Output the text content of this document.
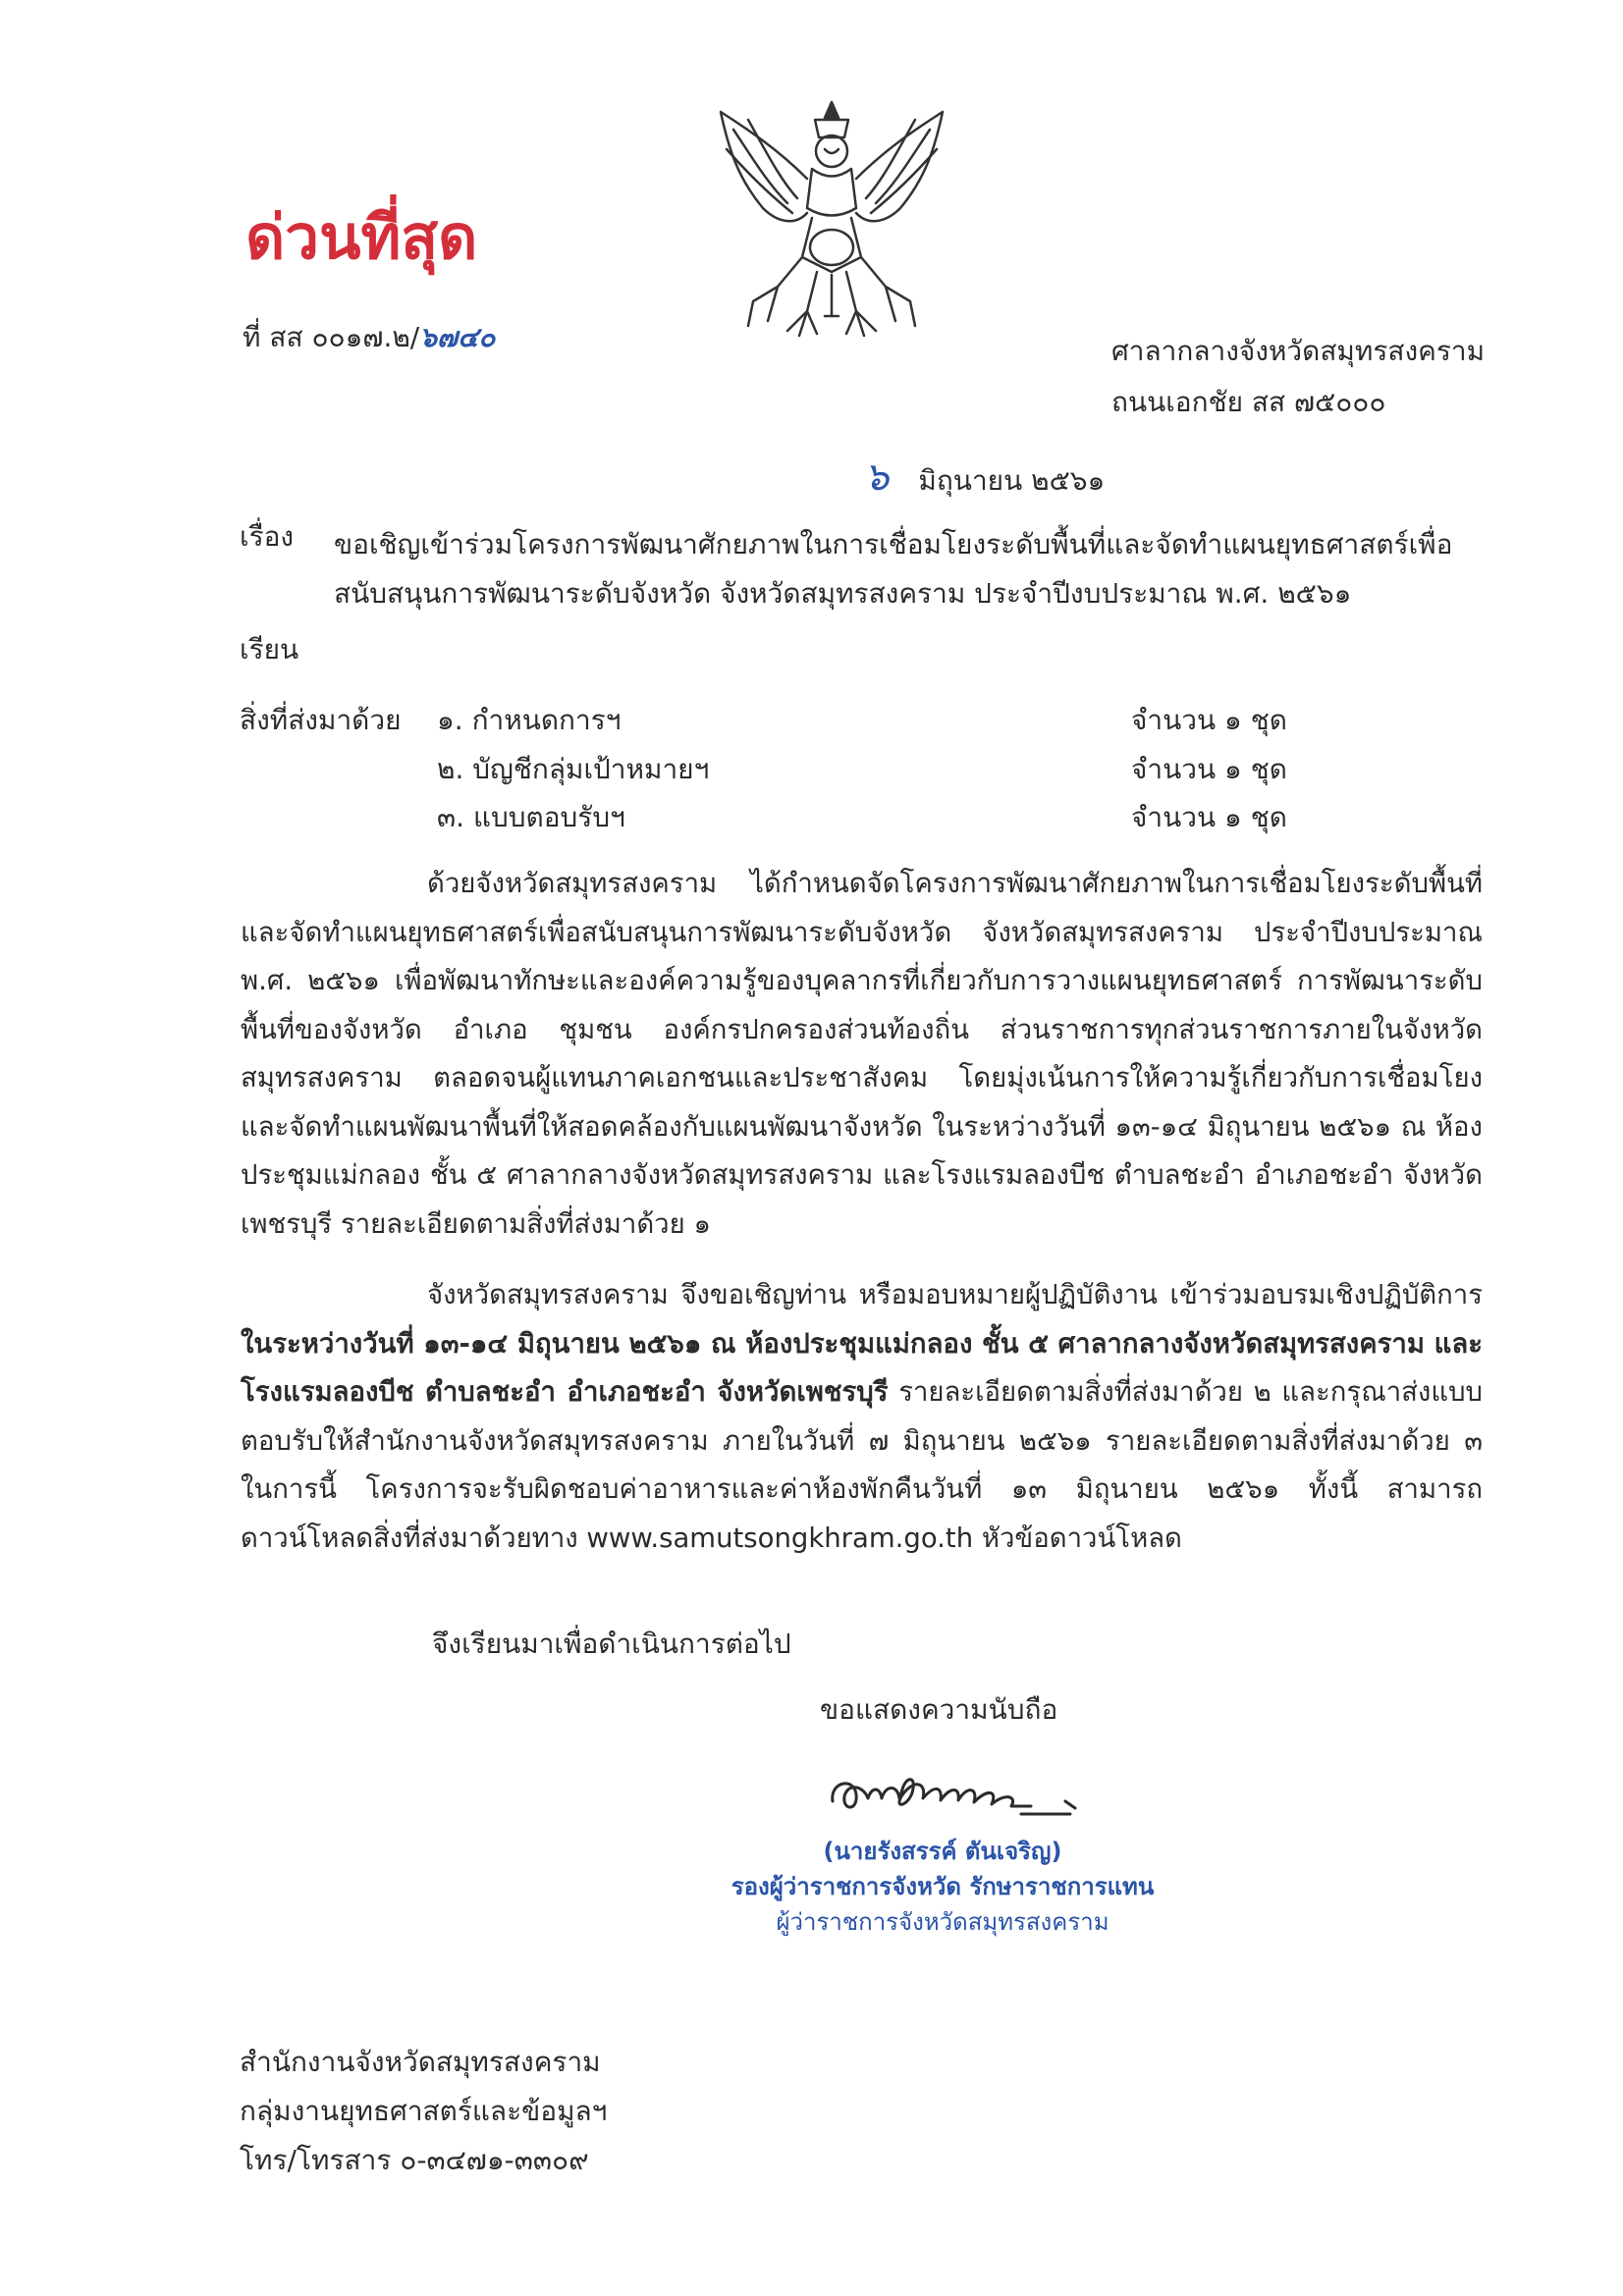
ด่วนที่สุด
ที่ สส ๐๐๑๗.๒/๖๗๔๐	ศาลากลางจังหวัดสมุทรสงคราม
ถนนเอกชัย สส ๗๕๐๐๐
๖ มิถุนายน ๒๕๖๑
เรื่อง ขอเชิญเข้าร่วมโครงการพัฒนาศักยภาพในการเชื่อมโยงระดับพื้นที่และจัดทำแผนยุทธศาสตร์เพื่อสนับสนุนการพัฒนาระดับจังหวัด จังหวัดสมุทรสงคราม ประจำปีงบประมาณ พ.ศ. ๒๕๖๑
เรียน
สิ่งที่ส่งมาด้วย ๑. กำหนดการฯ	จำนวน ๑ ชุด
๒. บัญชีกลุ่มเป้าหมายฯ	จำนวน ๑ ชุด
๓. แบบตอบรับฯ	จำนวน ๑ ชุด
ด้วยจังหวัดสมุทรสงคราม ได้กำหนดจัดโครงการพัฒนาศักยภาพในการเชื่อมโยงระดับพื้นที่และจัดทำแผนยุทธศาสตร์เพื่อสนับสนุนการพัฒนาระดับจังหวัด จังหวัดสมุทรสงคราม ประจำปีงบประมาณ พ.ศ. ๒๕๖๑ เพื่อพัฒนาทักษะและองค์ความรู้ของบุคลากรที่เกี่ยวกับการวางแผนยุทธศาสตร์ การพัฒนาระดับพื้นที่ของจังหวัด อำเภอ ชุมชน องค์กรปกครองส่วนท้องถิ่น ส่วนราชการทุกส่วนราชการภายในจังหวัดสมุทรสงคราม ตลอดจนผู้แทนภาคเอกชนและประชาสังคม โดยมุ่งเน้นการให้ความรู้เกี่ยวกับการเชื่อมโยงและจัดทำแผนพัฒนาพื้นที่ให้สอดคล้องกับแผนพัฒนาจังหวัด ในระหว่างวันที่ ๑๓-๑๔ มิถุนายน ๒๕๖๑ ณ ห้องประชุมแม่กลอง ชั้น ๕ ศาลากลางจังหวัดสมุทรสงคราม และโรงแรมลองบีช ตำบลชะอำ อำเภอชะอำ จังหวัดเพชรบุรี รายละเอียดตามสิ่งที่ส่งมาด้วย ๑
จังหวัดสมุทรสงคราม จึงขอเชิญท่าน หรือมอบหมายผู้ปฏิบัติงาน เข้าร่วมอบรมเชิงปฏิบัติการ ในระหว่างวันที่ ๑๓-๑๔ มิถุนายน ๒๕๖๑ ณ ห้องประชุมแม่กลอง ชั้น ๕ ศาลากลางจังหวัดสมุทรสงคราม และโรงแรมลองบีช ตำบลชะอำ อำเภอชะอำ จังหวัดเพชรบุรี รายละเอียดตามสิ่งที่ส่งมาด้วย ๒ และกรุณาส่งแบบตอบรับให้สำนักงานจังหวัดสมุทรสงคราม ภายในวันที่ ๗ มิถุนายน ๒๕๖๑ รายละเอียดตามสิ่งที่ส่งมาด้วย ๓ ในการนี้ โครงการจะรับผิดชอบค่าอาหารและค่าห้องพักคืนวันที่ ๑๓ มิถุนายน ๒๕๖๑ ทั้งนี้ สามารถดาวน์โหลดสิ่งที่ส่งมาด้วยทาง www.samutsongkhram.go.th หัวข้อดาวน์โหลด
จึงเรียนมาเพื่อดำเนินการต่อไป
ขอแสดงความนับถือ
(นายรังสรรค์ ตันเจริญ)
รองผู้ว่าราชการจังหวัด รักษาราชการแทน
ผู้ว่าราชการจังหวัดสมุทรสงคราม
สำนักงานจังหวัดสมุทรสงคราม
กลุ่มงานยุทธศาสตร์และข้อมูลฯ
โทร/โทรสาร ๐-๓๔๗๑-๓๓๐๙
